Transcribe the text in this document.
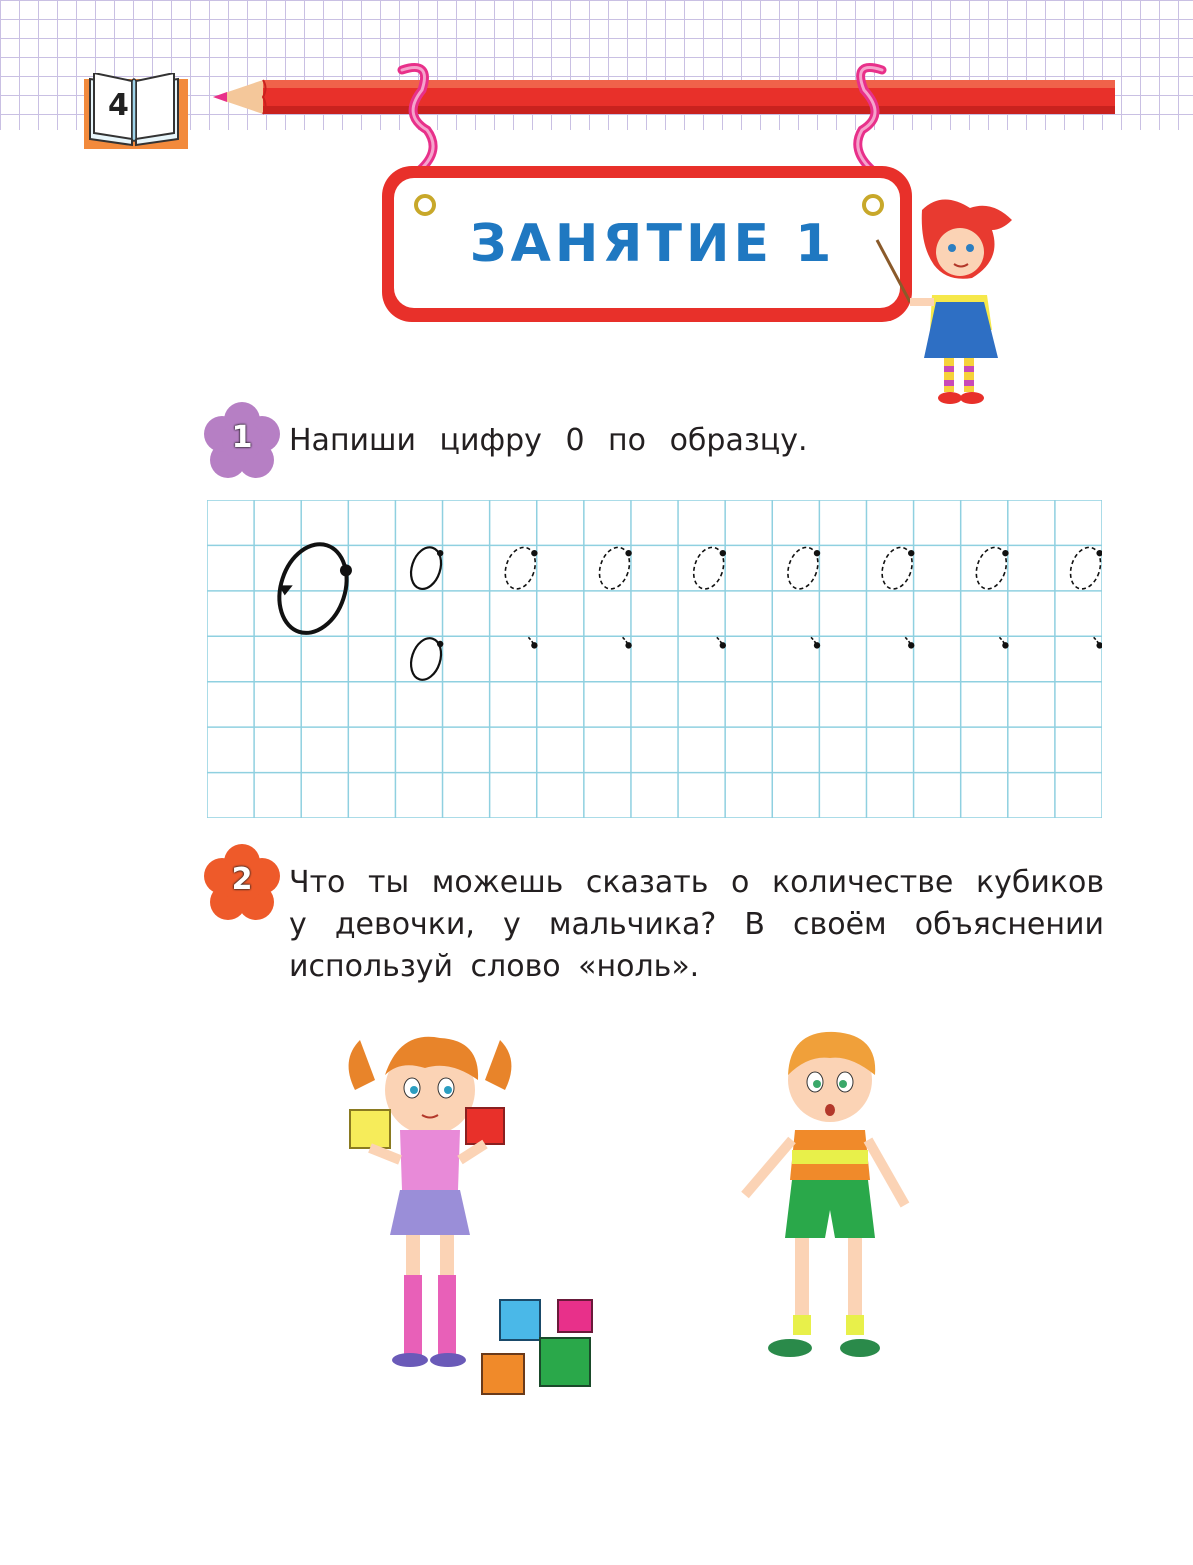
4
ЗАНЯТИЕ 1
1	Напиши цифру 0 по образцу.
2	Что ты можешь сказать о количестве кубиков у девочки, у мальчика? В своём объяснении используй слово «ноль».
